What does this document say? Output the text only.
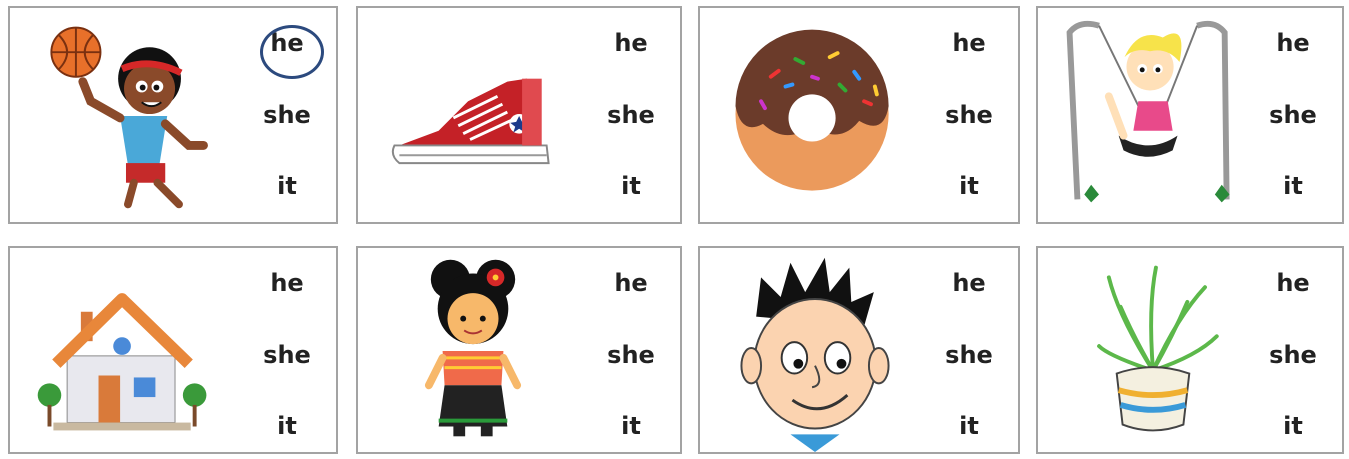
he
she
it
he
she
it
he
she
it
he
she
it
he
she
it
he
she
it
he
she
it
he
she
it
